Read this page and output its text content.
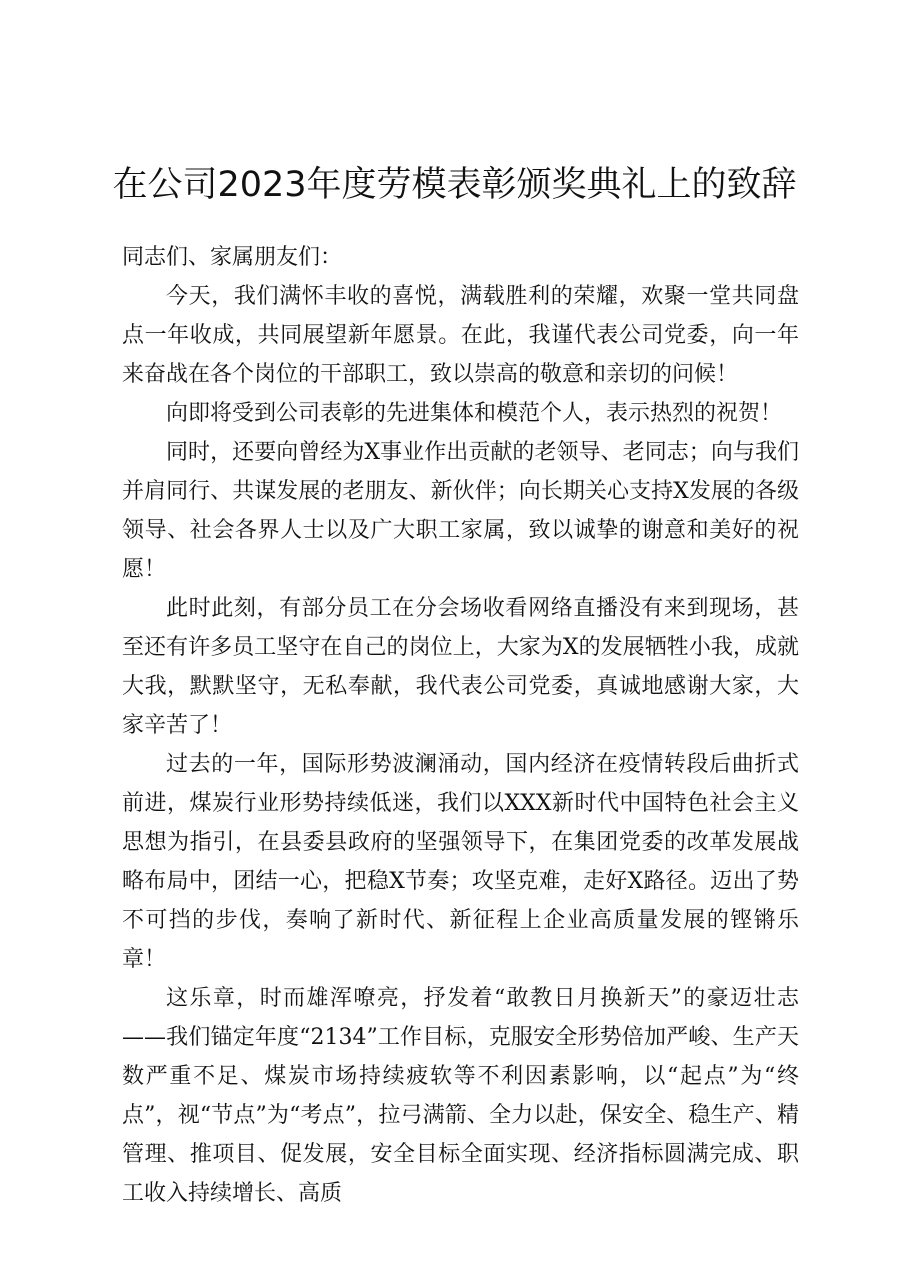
在公司2023年度劳模表彰颁奖典礼上的致辞

同志们、家属朋友们：

今天，我们满怀丰收的喜悦，满载胜利的荣耀，欢聚一堂共同盘点一年收成，共同展望新年愿景。在此，我谨代表公司党委，向一年来奋战在各个岗位的干部职工，致以崇高的敬意和亲切的问候！

向即将受到公司表彰的先进集体和模范个人，表示热烈的祝贺！

同时，还要向曾经为X事业作出贡献的老领导、老同志；向与我们并肩同行、共谋发展的老朋友、新伙伴；向长期关心支持X发展的各级领导、社会各界人士以及广大职工家属，致以诚挚的谢意和美好的祝愿！

此时此刻，有部分员工在分会场收看网络直播没有来到现场，甚至还有许多员工坚守在自己的岗位上，大家为X的发展牺牲小我，成就大我，默默坚守，无私奉献，我代表公司党委，真诚地感谢大家，大家辛苦了！

过去的一年，国际形势波澜涌动，国内经济在疫情转段后曲折式前进，煤炭行业形势持续低迷，我们以XXX新时代中国特色社会主义思想为指引，在县委县政府的坚强领导下，在集团党委的改革发展战略布局中，团结一心，把稳X节奏；攻坚克难，走好X路径。迈出了势不可挡的步伐，奏响了新时代、新征程上企业高质量发展的铿锵乐章！

这乐章，时而雄浑嘹亮，抒发着“敢教日月换新天”的豪迈壮志——我们锚定年度“2134”工作目标，克服安全形势倍加严峻、生产天数严重不足、煤炭市场持续疲软等不利因素影响，以“起点”为“终点”，视“节点”为“考点”，拉弓满箭、全力以赴，保安全、稳生产、精管理、推项目、促发展，安全目标全面实现、经济指标圆满完成、职工收入持续增长、高质
